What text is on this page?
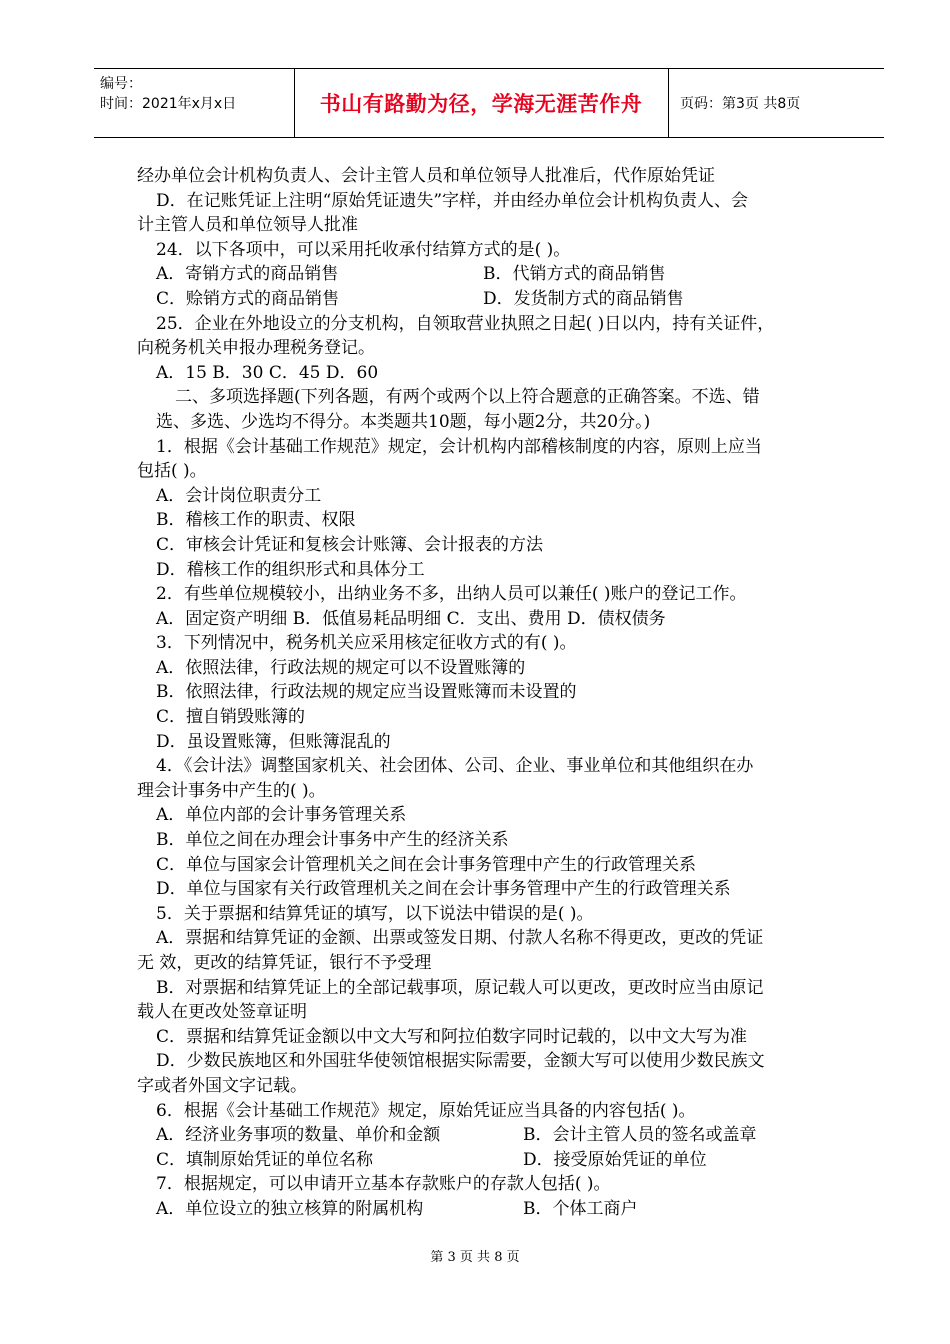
编号：
时间：2021年x月x日	书山有路勤为径，学海无涯苦作舟	页码：第3页 共8页
经办单位会计机构负责人、会计主管人员和单位领导人批准后，代作原始凭证
D．在记账凭证上注明“原始凭证遗失”字样，并由经办单位会计机构负责人、会
计主管人员和单位领导人批准
24．以下各项中，可以采用托收承付结算方式的是( )。
A．寄销方式的商品销售	B．代销方式的商品销售
C．赊销方式的商品销售	D．发货制方式的商品销售
25．企业在外地设立的分支机构，自领取营业执照之日起( )日以内，持有关证件，
向税务机关申报办理税务登记。
A．15 B．30 C．45 D．60
二、多项选择题(下列各题，有两个或两个以上符合题意的正确答案。不选、错
选、多选、少选均不得分。本类题共10题，每小题2分，共20分。)
1．根据《会计基础工作规范》规定，会计机构内部稽核制度的内容，原则上应当
包括( )。
A．会计岗位职责分工
B．稽核工作的职责、权限
C．审核会计凭证和复核会计账簿、会计报表的方法
D．稽核工作的组织形式和具体分工
2．有些单位规模较小，出纳业务不多，出纳人员可以兼任( )账户的登记工作。
A．固定资产明细 B．低值易耗品明细 C．支出、费用 D．债权债务
3．下列情况中，税务机关应采用核定征收方式的有( )。
A．依照法律，行政法规的规定可以不设置账簿的
B．依照法律，行政法规的规定应当设置账簿而未设置的
C．擅自销毁账簿的
D．虽设置账簿，但账簿混乱的
4．《会计法》调整国家机关、社会团体、公司、企业、事业单位和其他组织在办
理会计事务中产生的( )。
A．单位内部的会计事务管理关系
B．单位之间在办理会计事务中产生的经济关系
C．单位与国家会计管理机关之间在会计事务管理中产生的行政管理关系
D．单位与国家有关行政管理机关之间在会计事务管理中产生的行政管理关系
5．关于票据和结算凭证的填写，以下说法中错误的是( )。
A．票据和结算凭证的金额、出票或签发日期、付款人名称不得更改，更改的凭证
无 效，更改的结算凭证，银行不予受理
B．对票据和结算凭证上的全部记载事项，原记载人可以更改，更改时应当由原记
载人在更改处签章证明
C．票据和结算凭证金额以中文大写和阿拉伯数字同时记载的，以中文大写为准
D．少数民族地区和外国驻华使领馆根据实际需要，金额大写可以使用少数民族文
字或者外国文字记载。
6．根据《会计基础工作规范》规定，原始凭证应当具备的内容包括( )。
A．经济业务事项的数量、单价和金额	B．会计主管人员的签名或盖章
C．填制原始凭证的单位名称	D．接受原始凭证的单位
7．根据规定，可以申请开立基本存款账户的存款人包括( )。
A．单位设立的独立核算的附属机构	B．个体工商户
第 3 页 共 8 页
